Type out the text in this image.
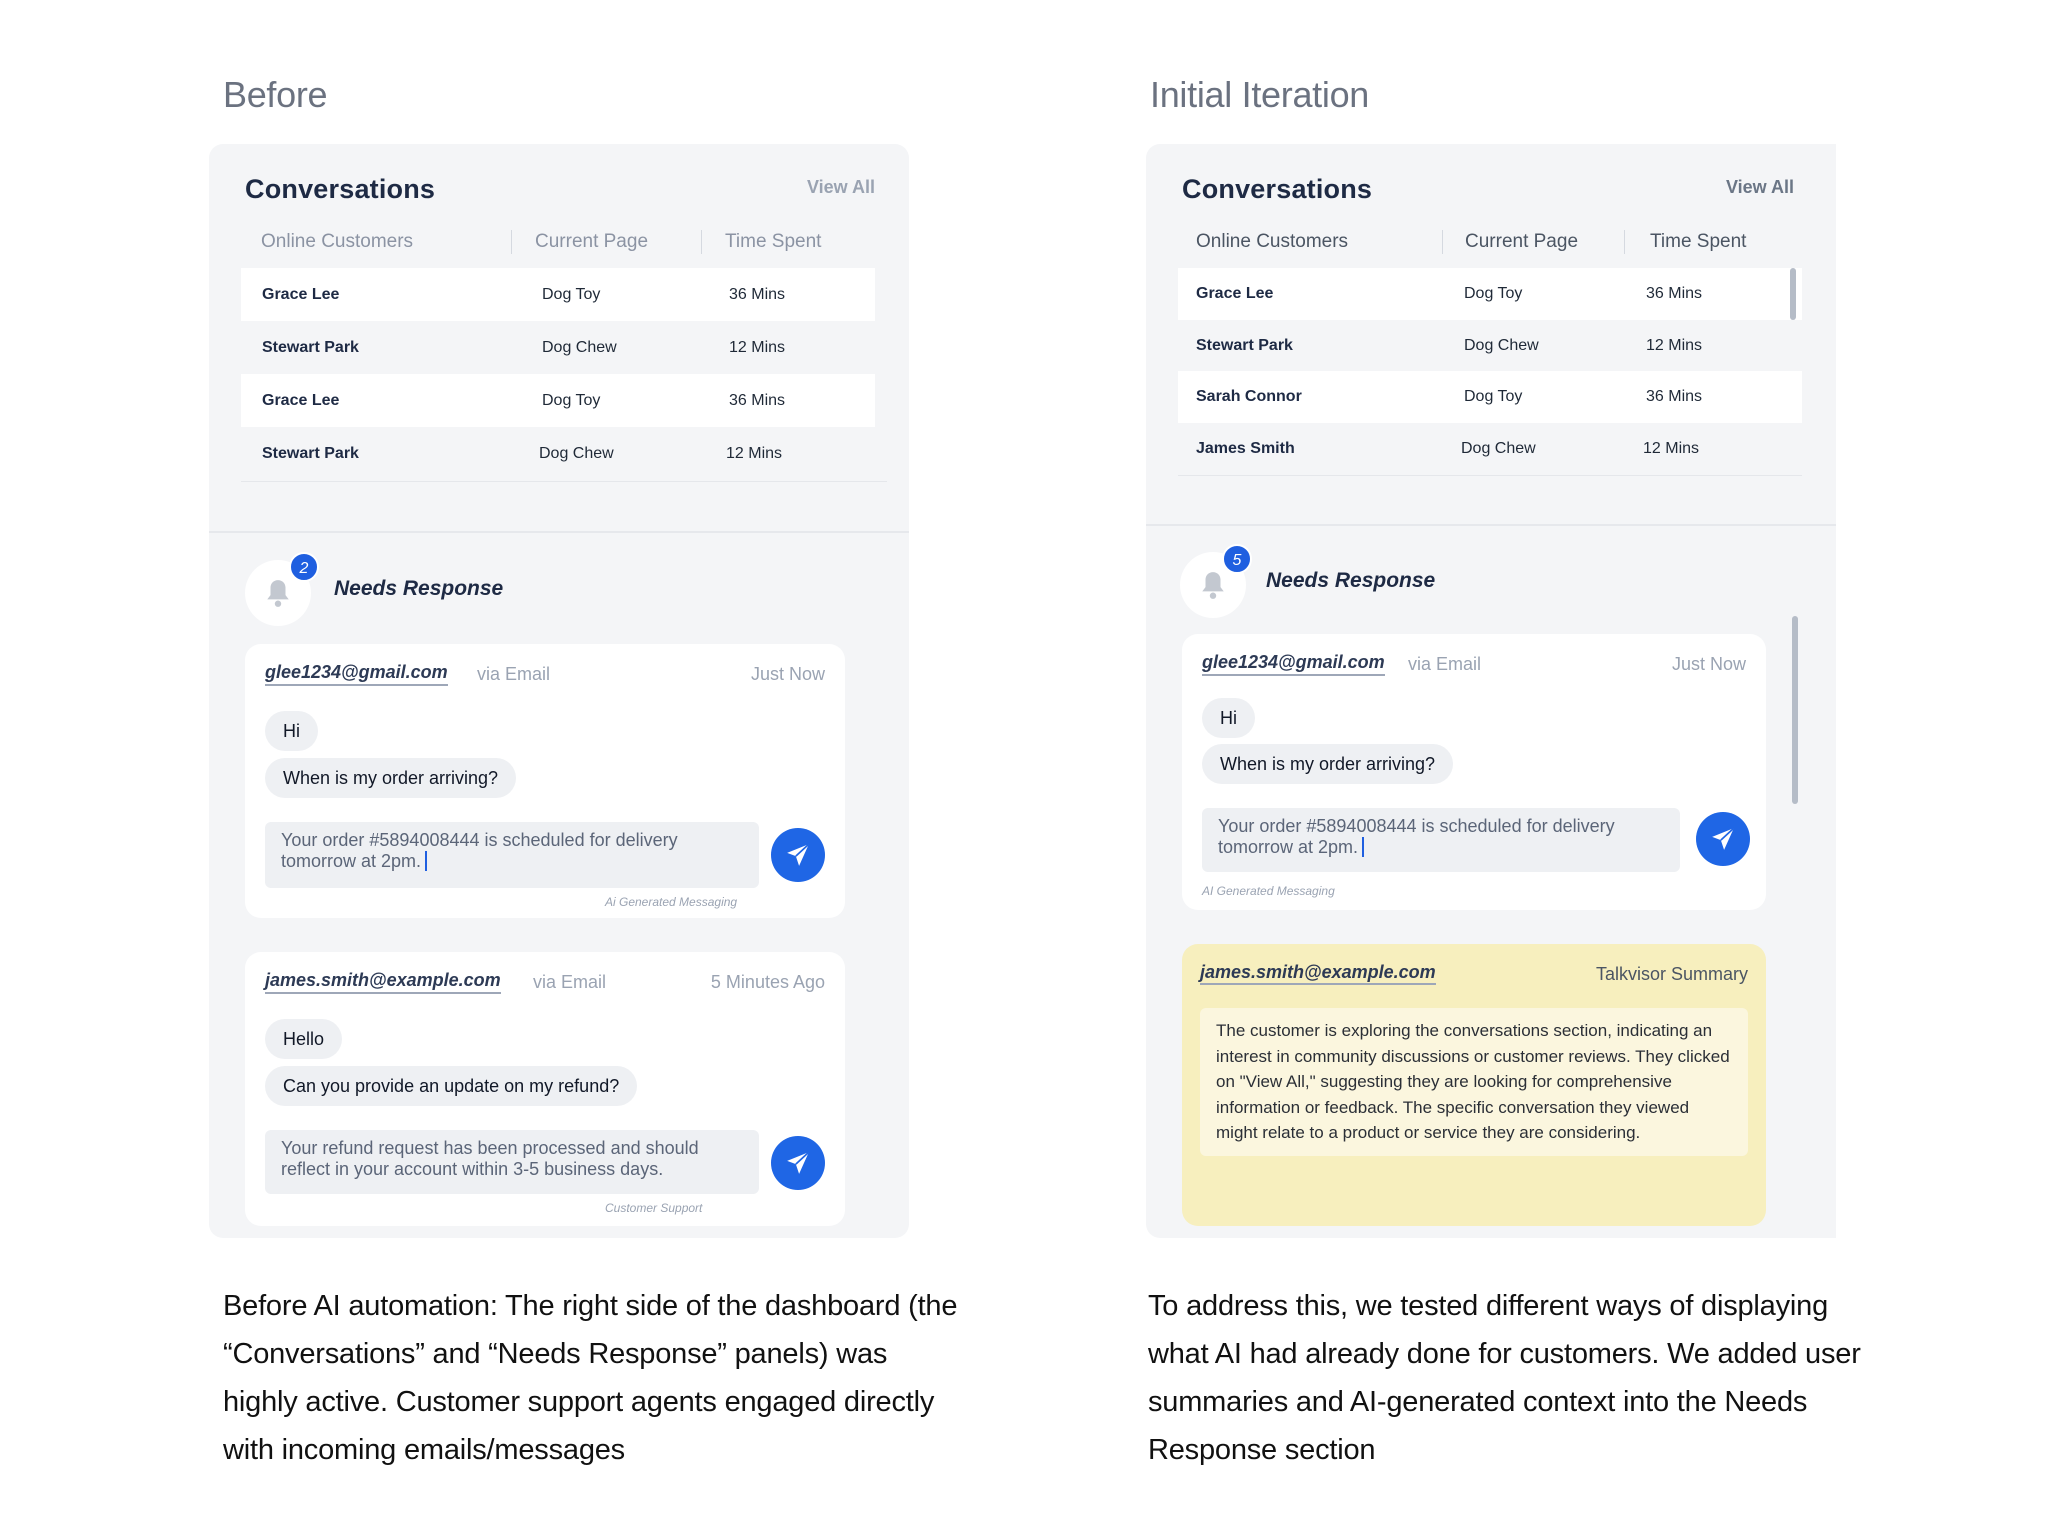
Before
Conversations	View All
Online Customers	Current Page	Time Spent
Grace Lee	Dog Toy	36 Mins
Stewart Park	Dog Chew	12 Mins
Grace Lee	Dog Toy	36 Mins
Stewart Park	Dog Chew	12 Mins
2
Needs Response
glee1234@gmail.com via Email	Just Now
Hi
When is my order arriving?
Your order #5894008444 is scheduled for delivery tomorrow at 2pm.
Ai Generated Messaging
james.smith@example.com via Email	5 Minutes Ago
Hello
Can you provide an update on my refund?
Your refund request has been processed and should reflect in your account within 3-5 business days.
Customer Support
Before AI automation: The right side of the dashboard (the “Conversations” and “Needs Response” panels) was highly active. Customer support agents engaged directly with incoming emails/messages
Initial Iteration
Conversations	View All
Online Customers	Current Page	Time Spent
Grace Lee	Dog Toy	36 Mins
Stewart Park	Dog Chew	12 Mins
Sarah Connor	Dog Toy	36 Mins
James Smith	Dog Chew	12 Mins
5
Needs Response
glee1234@gmail.com via Email	Just Now
Hi
When is my order arriving?
Your order #5894008444 is scheduled for delivery tomorrow at 2pm.
AI Generated Messaging
james.smith@example.com	Talkvisor Summary
The customer is exploring the conversations section, indicating an interest in community discussions or customer reviews. They clicked on "View All," suggesting they are looking for comprehensive information or feedback. The specific conversation they viewed might relate to a product or service they are considering.
To address this, we tested different ways of displaying what AI had already done for customers. We added user summaries and AI-generated context into the Needs Response section
